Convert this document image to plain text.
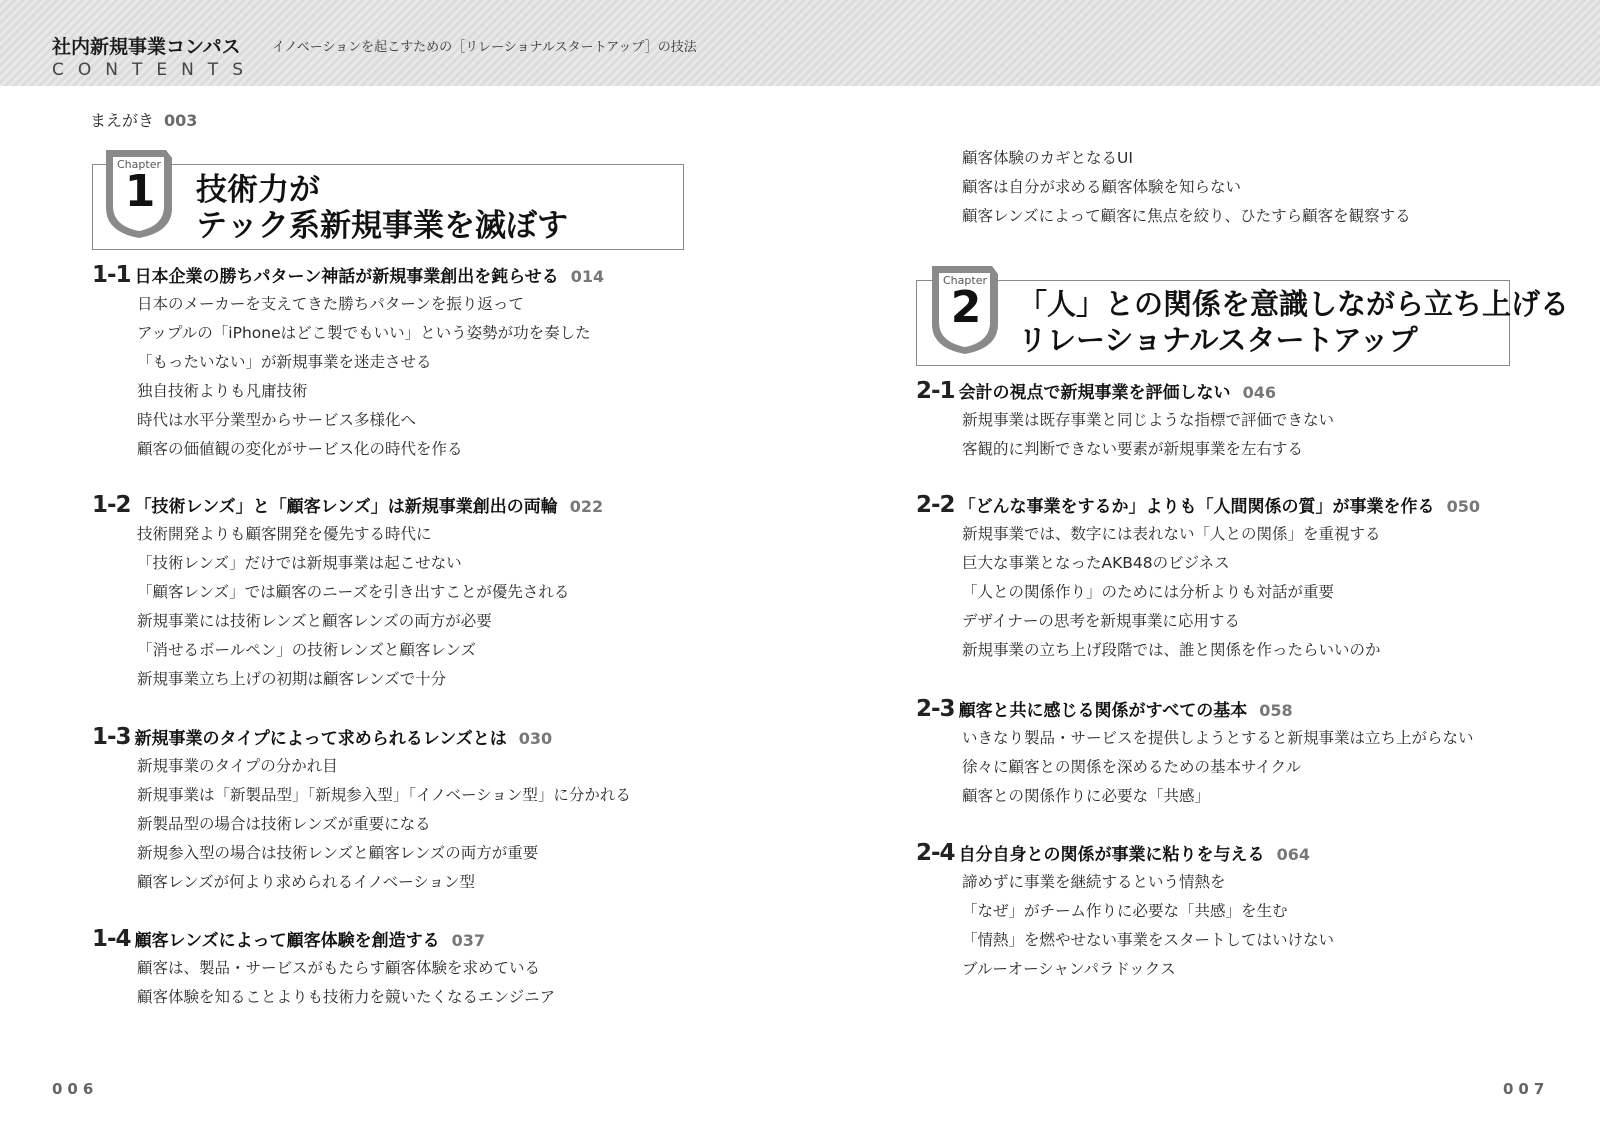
社内新規事業コンパス イノベーションを起こすための［リレーショナルスタートアップ］の技法
CONTENTS
まえがき 003
Chapter
1 技術力が
テック系新規事業を滅ぼす
1-1 日本企業の勝ちパターン神話が新規事業創出を鈍らせる 014
日本のメーカーを支えてきた勝ちパターンを振り返って
アップルの「iPhoneはどこ製でもいい」という姿勢が功を奏した
「もったいない」が新規事業を迷走させる
独自技術よりも凡庸技術
時代は水平分業型からサービス多様化へ
顧客の価値観の変化がサービス化の時代を作る
1-2 「技術レンズ」と「顧客レンズ」は新規事業創出の両輪 022
技術開発よりも顧客開発を優先する時代に
「技術レンズ」だけでは新規事業は起こせない
「顧客レンズ」では顧客のニーズを引き出すことが優先される
新規事業には技術レンズと顧客レンズの両方が必要
「消せるボールペン」の技術レンズと顧客レンズ
新規事業立ち上げの初期は顧客レンズで十分
1-3 新規事業のタイプによって求められるレンズとは 030
新規事業のタイプの分かれ目
新規事業は「新製品型」「新規参入型」「イノベーション型」に分かれる
新製品型の場合は技術レンズが重要になる
新規参入型の場合は技術レンズと顧客レンズの両方が重要
顧客レンズが何より求められるイノベーション型
1-4 顧客レンズによって顧客体験を創造する 037
顧客は、製品・サービスがもたらす顧客体験を求めている
顧客体験を知ることよりも技術力を競いたくなるエンジニア
顧客体験のカギとなるUI
顧客は自分が求める顧客体験を知らない
顧客レンズによって顧客に焦点を絞り、ひたすら顧客を観察する
Chapter
2 「人」との関係を意識しながら立ち上げる
リレーショナルスタートアップ
2-1 会計の視点で新規事業を評価しない 046
新規事業は既存事業と同じような指標で評価できない
客観的に判断できない要素が新規事業を左右する
2-2 「どんな事業をするか」よりも「人間関係の質」が事業を作る 050
新規事業では、数字には表れない「人との関係」を重視する
巨大な事業となったAKB48のビジネス
「人との関係作り」のためには分析よりも対話が重要
デザイナーの思考を新規事業に応用する
新規事業の立ち上げ段階では、誰と関係を作ったらいいのか
2-3 顧客と共に感じる関係がすべての基本 058
いきなり製品・サービスを提供しようとすると新規事業は立ち上がらない
徐々に顧客との関係を深めるための基本サイクル
顧客との関係作りに必要な「共感」
2-4 自分自身との関係が事業に粘りを与える 064
諦めずに事業を継続するという情熱を
「なぜ」がチーム作りに必要な「共感」を生む
「情熱」を燃やせない事業をスタートしてはいけない
ブルーオーシャンパラドックス
006	007
